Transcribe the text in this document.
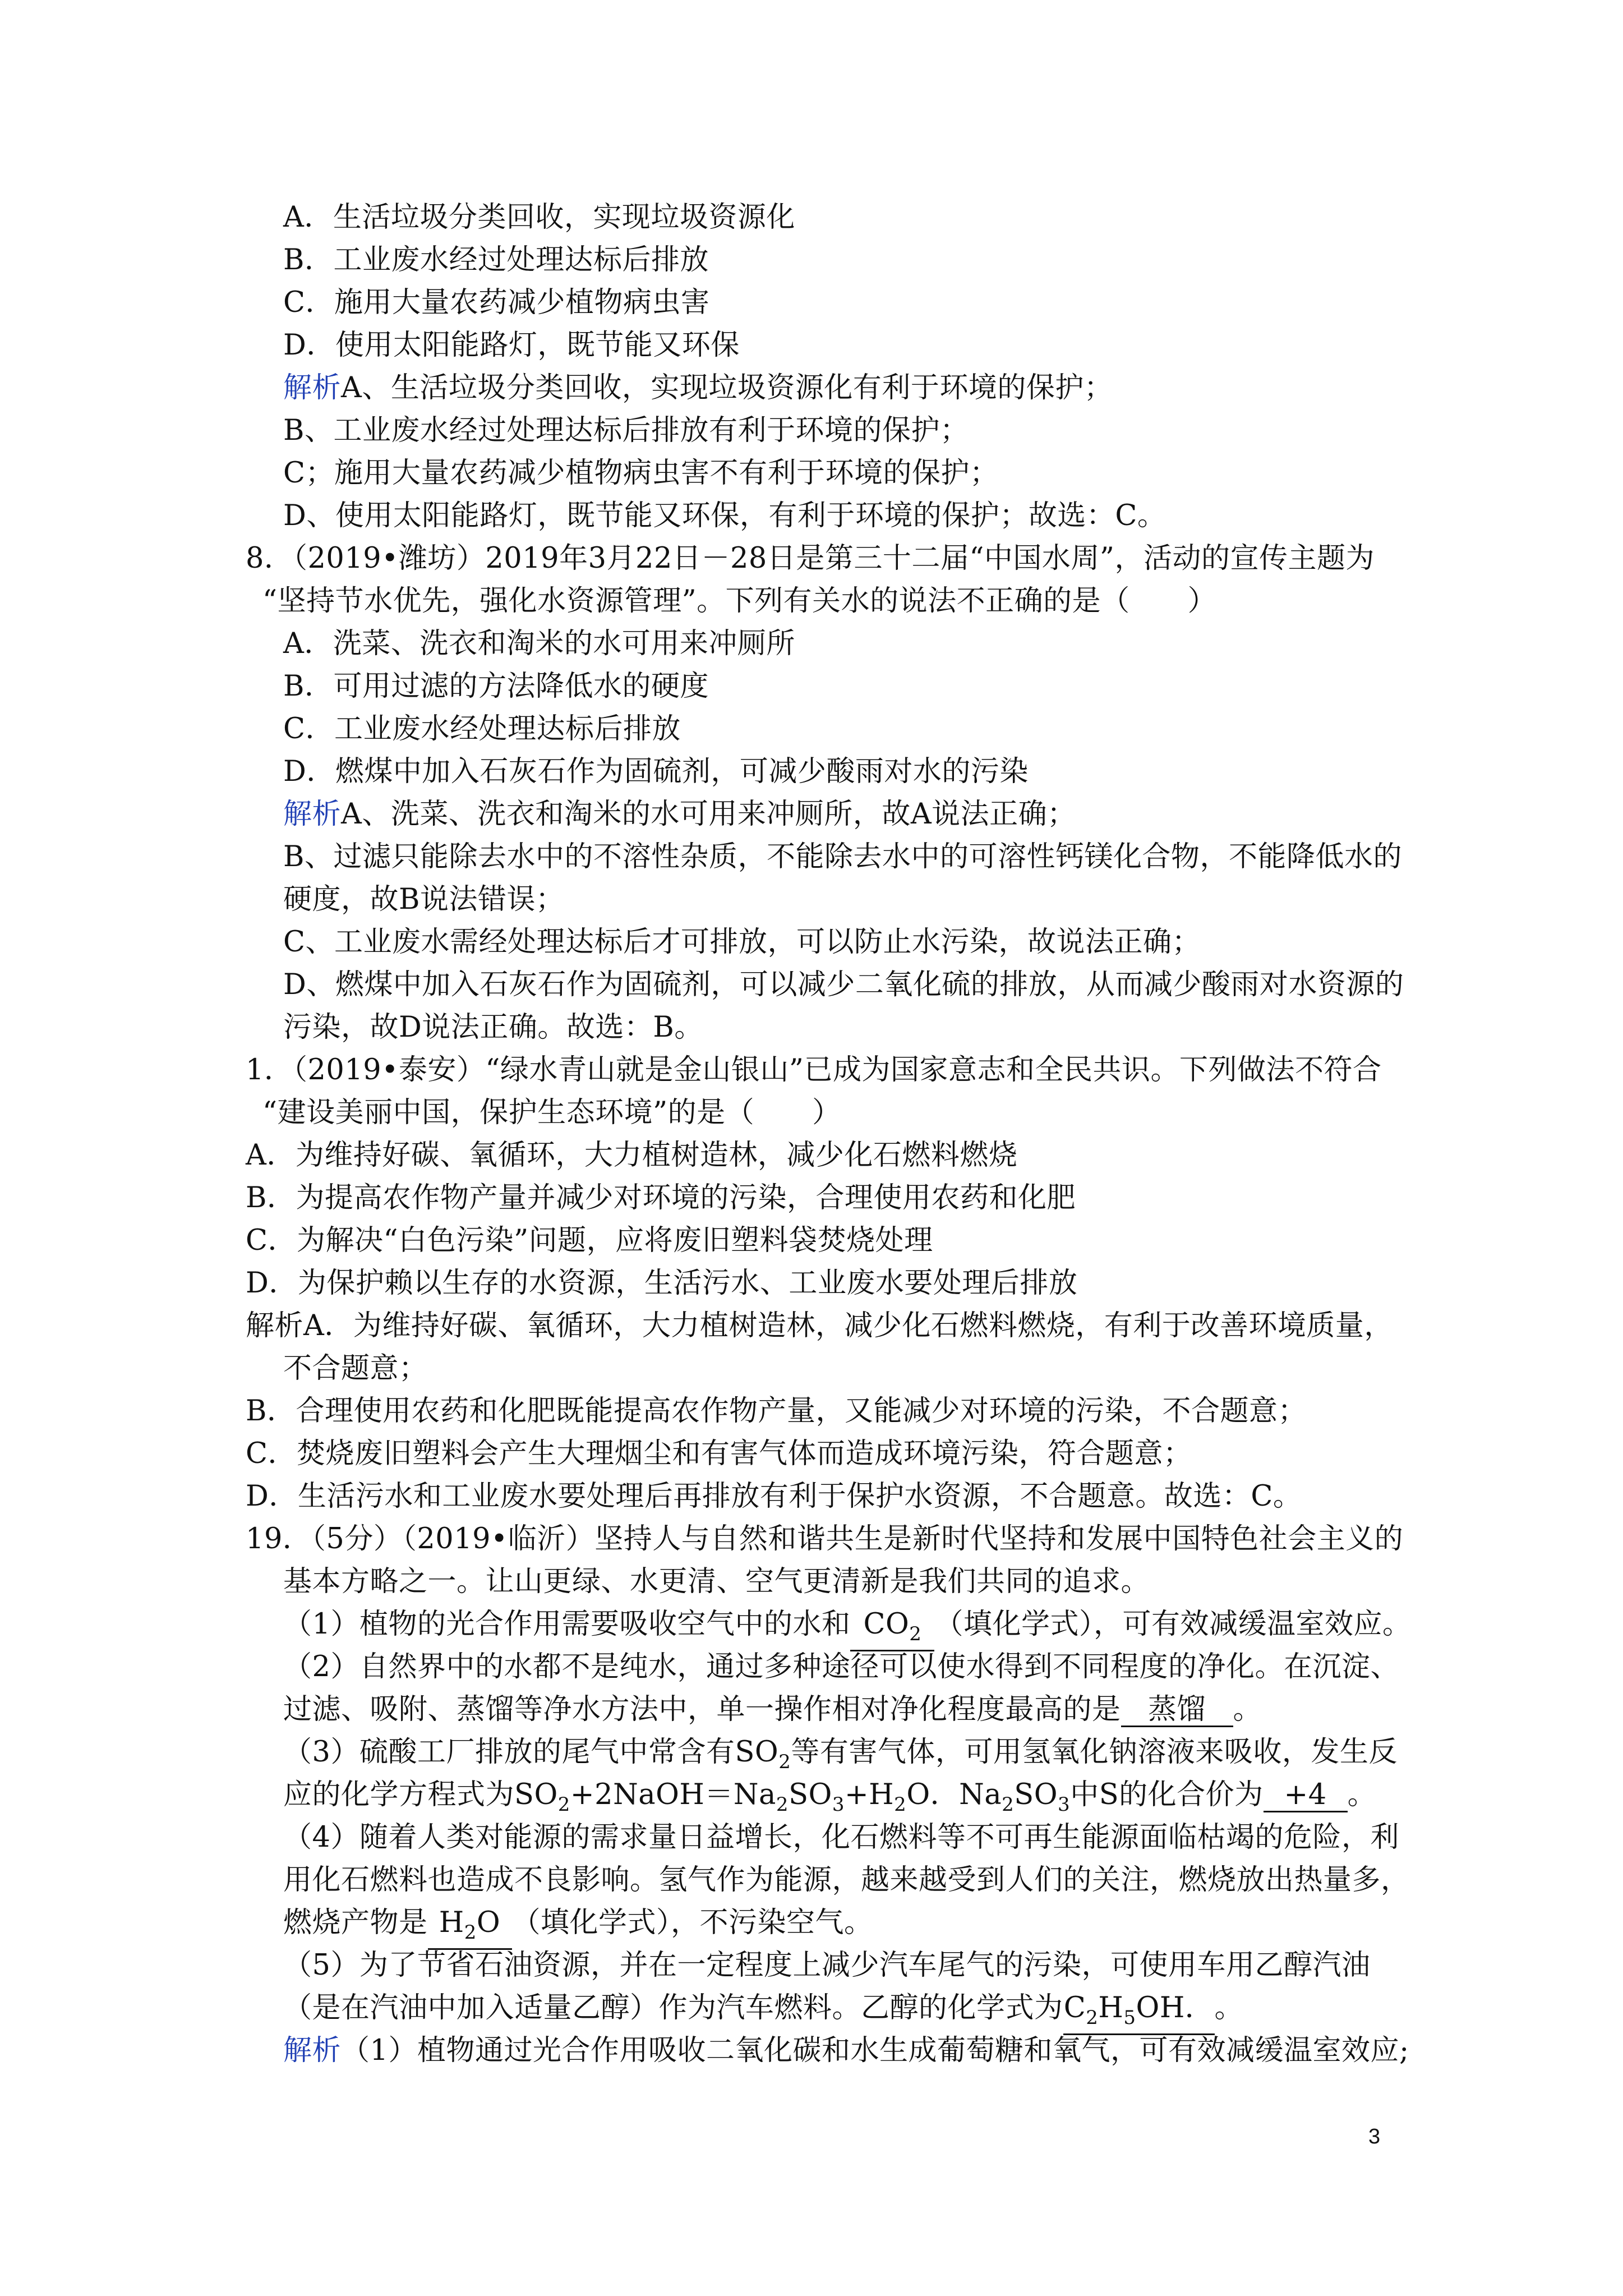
A．生活垃圾分类回收，实现垃圾资源化
B．工业废水经过处理达标后排放
C．施用大量农药减少植物病虫害
D．使用太阳能路灯，既节能又环保
解析A、生活垃圾分类回收，实现垃圾资源化有利于环境的保护；
B、工业废水经过处理达标后排放有利于环境的保护；
C；施用大量农药减少植物病虫害不有利于环境的保护；
D、使用太阳能路灯，既节能又环保，有利于环境的保护；故选：C。
8．（2019•潍坊）2019年3月22日－28日是第三十二届“中国水周”，活动的宣传主题为
“坚持节水优先，强化水资源管理”。下列有关水的说法不正确的是（　　）
A．洗菜、洗衣和淘米的水可用来冲厕所
B．可用过滤的方法降低水的硬度
C．工业废水经处理达标后排放
D．燃煤中加入石灰石作为固硫剂，可减少酸雨对水的污染
解析A、洗菜、洗衣和淘米的水可用来冲厕所，故A说法正确；
B、过滤只能除去水中的不溶性杂质，不能除去水中的可溶性钙镁化合物，不能降低水的
硬度，故B说法错误；
C、工业废水需经处理达标后才可排放，可以防止水污染，故说法正确；
D、燃煤中加入石灰石作为固硫剂，可以减少二氧化硫的排放，从而减少酸雨对水资源的
污染，故D说法正确。故选：B。
1．（2019•泰安）“绿水青山就是金山银山”已成为国家意志和全民共识。下列做法不符合
“建设美丽中国，保护生态环境”的是（　　）
A．为维持好碳、氧循环，大力植树造林，减少化石燃料燃烧
B．为提高农作物产量并减少对环境的污染，合理使用农药和化肥
C．为解决“白色污染”问题，应将废旧塑料袋焚烧处理
D．为保护赖以生存的水资源，生活污水、工业废水要处理后排放
解析A．为维持好碳、氧循环，大力植树造林，减少化石燃料燃烧，有利于改善环境质量，
不合题意；
B．合理使用农药和化肥既能提高农作物产量，又能减少对环境的污染，不合题意；
C．焚烧废旧塑料会产生大理烟尘和有害气体而造成环境污染，符合题意；
D．生活污水和工业废水要处理后再排放有利于保护水资源，不合题意。故选：C。
19．（5分）（2019•临沂）坚持人与自然和谐共生是新时代坚持和发展中国特色社会主义的
基本方略之一。让山更绿、水更清、空气更清新是我们共同的追求。
（1）植物的光合作用需要吸收空气中的水和 $CO_2$ （填化学式），可有效减缓温室效应。
（2）自然界中的水都不是纯水，通过多种途径可以使水得到不同程度的净化。在沉淀、
过滤、吸附、蒸馏等净水方法中，单一操作相对净化程度最高的是 蒸馏 。
（3）硫酸工厂排放的尾气中常含有$SO_2$等有害气体，可用氢氧化钠溶液来吸收，发生反
应的化学方程式为$SO_2+2NaOH=Na_2SO_3+H_2O$．$Na_2SO_3$中S的化合价为 +4 。
（4）随着人类对能源的需求量日益增长，化石燃料等不可再生能源面临枯竭的危险，利
用化石燃料也造成不良影响。氢气作为能源，越来越受到人们的关注，燃烧放出热量多，
燃烧产物是 $H_2O$ （填化学式），不污染空气。
（5）为了节省石油资源，并在一定程度上减少汽车尾气的污染，可使用车用乙醇汽油
（是在汽油中加入适量乙醇）作为汽车燃料。乙醇的化学式为$C_2H_5OH$．。
解析（1）植物通过光合作用吸收二氧化碳和水生成葡萄糖和氧气，可有效减缓温室效应;
3
